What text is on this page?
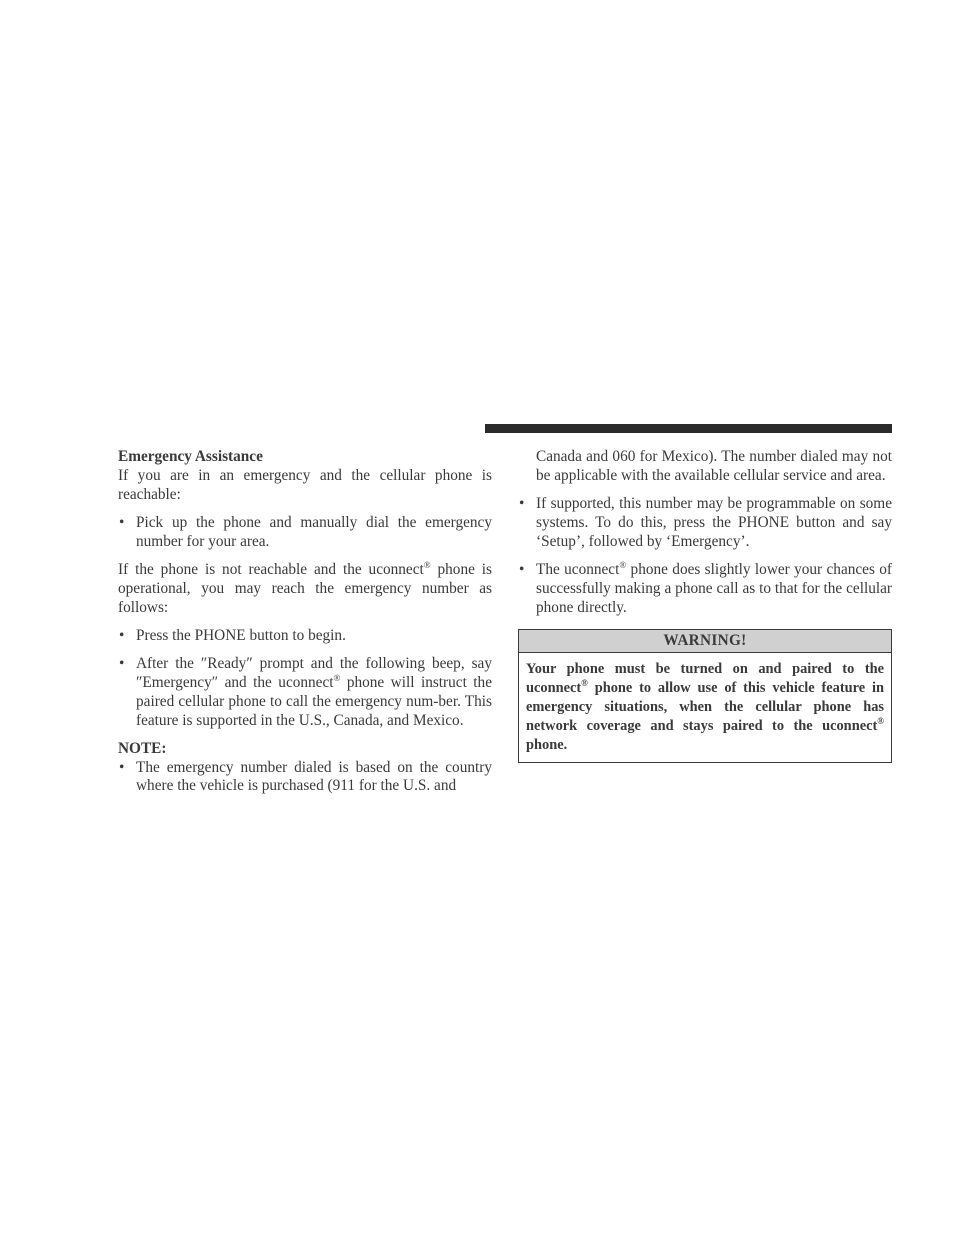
Emergency Assistance

If you are in an emergency and the cellular phone is reachable:

• Pick up the phone and manually dial the emergency number for your area.

If the phone is not reachable and the uconnect® phone is operational, you may reach the emergency number as follows:

• Press the PHONE button to begin.
• After the ″Ready″ prompt and the following beep, say ″Emergency″ and the uconnect® phone will instruct the paired cellular phone to call the emergency num-ber. This feature is supported in the U.S., Canada, and Mexico.

NOTE:

• The emergency number dialed is based on the country where the vehicle is purchased (911 for the U.S. and
Canada and 060 for Mexico). The number dialed may not be applicable with the available cellular service and area.
• If supported, this number may be programmable on some systems. To do this, press the PHONE button and say ‘Setup’, followed by ‘Emergency’.
• The uconnect® phone does slightly lower your chances of successfully making a phone call as to that for the cellular phone directly.
WARNING!
Your phone must be turned on and paired to the uconnect® phone to allow use of this vehicle feature in emergency situations, when the cellular phone has network coverage and stays paired to the uconnect® phone.
